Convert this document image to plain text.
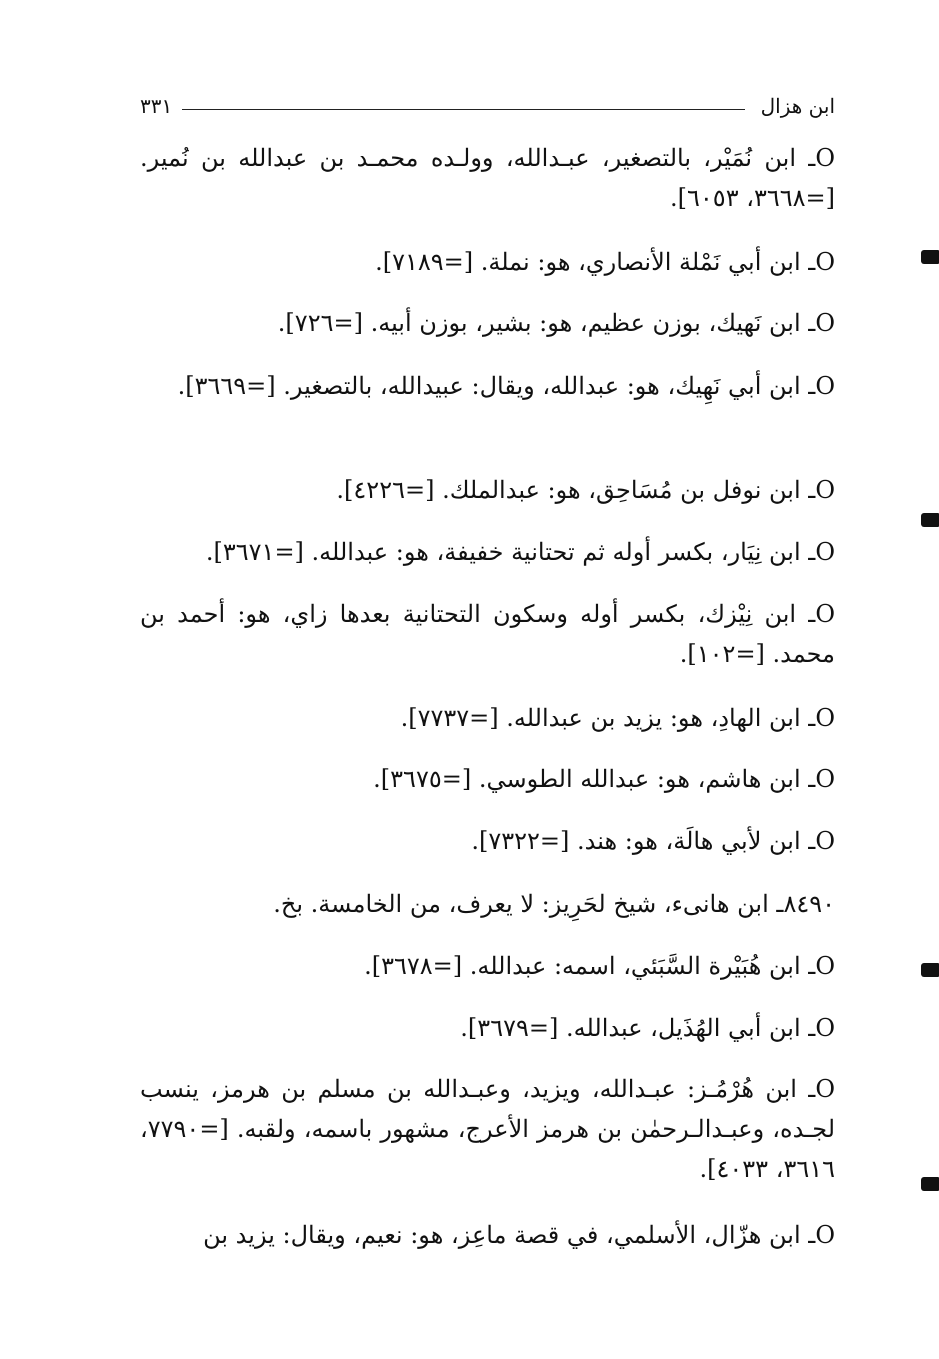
ابن هزال
٣٣١
Oـ ابن نُمَيْر، بالتصغير، عبـدالله، وولـده محمـد بن عبدالله بن نُمير. [=٣٦٦٨، ٦٠٥٣].
Oـ ابن أبي نَمْلة الأنصاري، هو: نملة. [=٧١٨٩].
Oـ ابن نَهيك، بوزن عظيم، هو: بشير، بوزن أبيه. [=٧٢٦].
Oـ ابن أبي نَهِيك، هو: عبدالله، ويقال: عبيدالله، بالتصغير. [=٣٦٦٩].
Oـ ابن نوفل بن مُسَاحِق، هو: عبدالملك. [=٤٢٢٦].
Oـ ابن نِيَار، بكسر أوله ثم تحتانية خفيفة، هو: عبدالله. [=٣٦٧١].
Oـ ابن نِيْزك، بكسر أوله وسكون التحتانية بعدها زاي، هو: أحمد بن محمد. [=١٠٢].
Oـ ابن الهادِ، هو: يزيد بن عبدالله. [=٧٧٣٧].
Oـ ابن هاشم، هو: عبدالله الطوسي. [=٣٦٧٥].
Oـ ابن لأبي هالَة، هو: هند. [=٧٣٢٢].
٨٤٩٠ـ ابن هانىء، شيخ لحَرِيز: لا يعرف، من الخامسة. بخ.
Oـ ابن هُبَيْرة السَّبَئي، اسمه: عبدالله. [=٣٦٧٨].
Oـ ابن أبي الهُذَيل، عبدالله. [=٣٦٧٩].
Oـ ابن هُرْمُـز: عبـدالله، ويزيد، وعبـدالله بن مسلم بن هرمز، ينسب لجـده، وعبـدالـرحمٰن بن هرمز الأعرج، مشهور باسمه، ولقبه. [=٧٧٩٠، ٣٦١٦، ٤٠٣٣].
Oـ ابن هزّال، الأسلمي، في قصة ماعِز، هو: نعيم، ويقال: يزيد بن
